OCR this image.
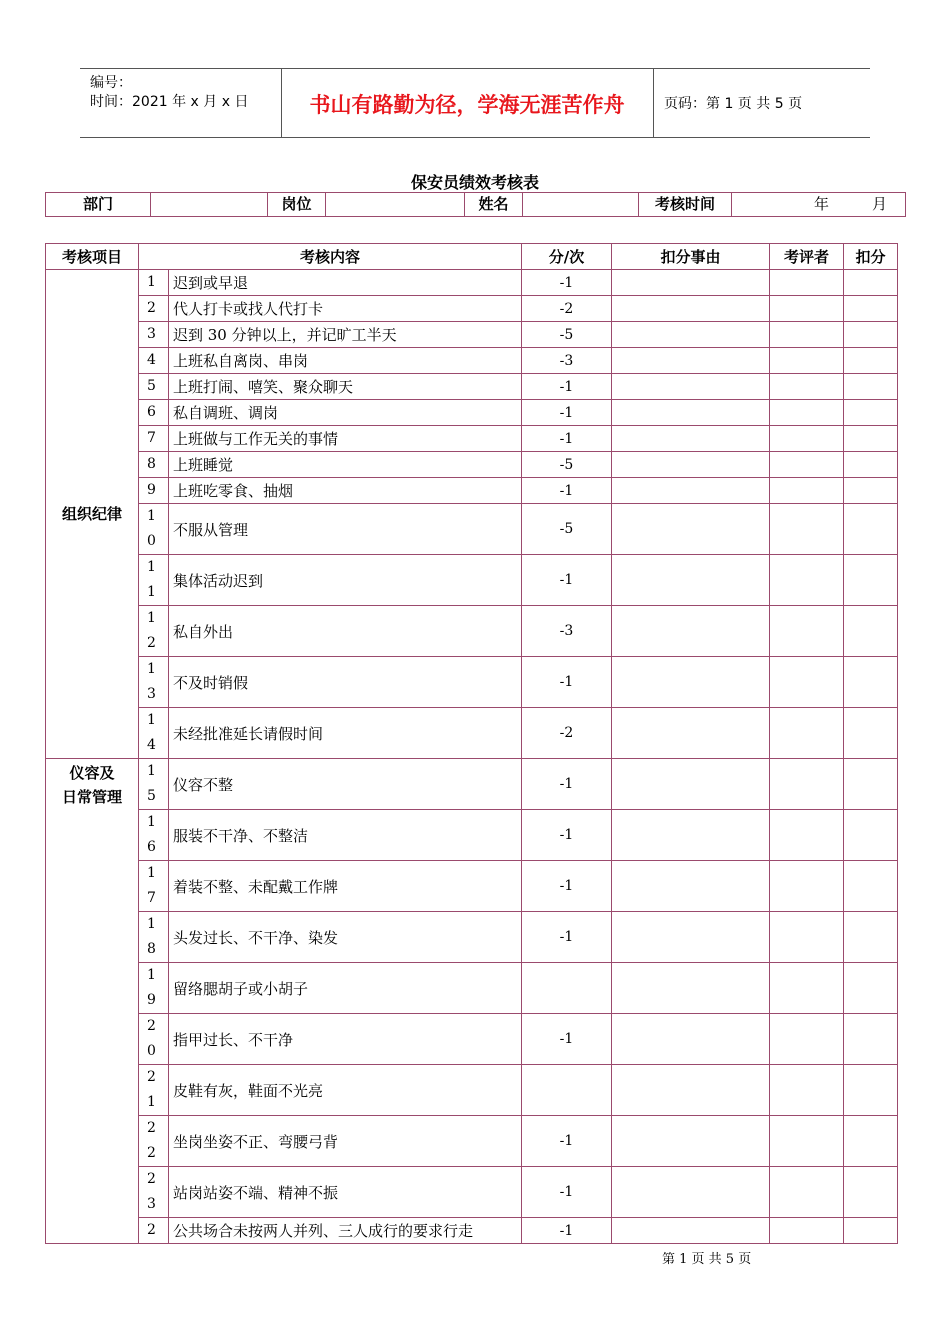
编号：
时间：2021 年 x 月 x 日	书山有路勤为径，学海无涯苦作舟	页码：第 1 页 共 5 页
保安员绩效考核表
部门	岗位	姓名	考核时间	年	月
考核项目	考核内容		分/次	扣分事由	考评者	扣分
组织纪律	1	迟到或早退	-1			

	2	代人打卡或找人代打卡	-2			

	3	迟到 30 分钟以上，并记旷工半天	-5			

	4	上班私自离岗、串岗	-3			

	5	上班打闹、嘻笑、聚众聊天	-1			

	6	私自调班、调岗	-1			

	7	上班做与工作无关的事情	-1			

	8	上班睡觉	-5			

	9	上班吃零食、抽烟	-1			

	10	不服从管理	-5			

	11	集体活动迟到	-1			

	12	私自外出	-3			

	13	不及时销假	-1			

	14	未经批准延长请假时间	-2			

仪容及
日常管理	15	仪容不整	-1			

	16	服装不干净、不整洁	-1			

	17	着装不整、未配戴工作牌	-1			

	18	头发过长、不干净、染发	-1			

	19	留络腮胡子或小胡子				

	20	指甲过长、不干净	-1			

	21	皮鞋有灰，鞋面不光亮				

	22	坐岗坐姿不正、弯腰弓背	-1			

	23	站岗站姿不端、精神不振	-1			

	2	公共场合未按两人并列、三人成行的要求行走	-1			
第 1 页 共 5 页
